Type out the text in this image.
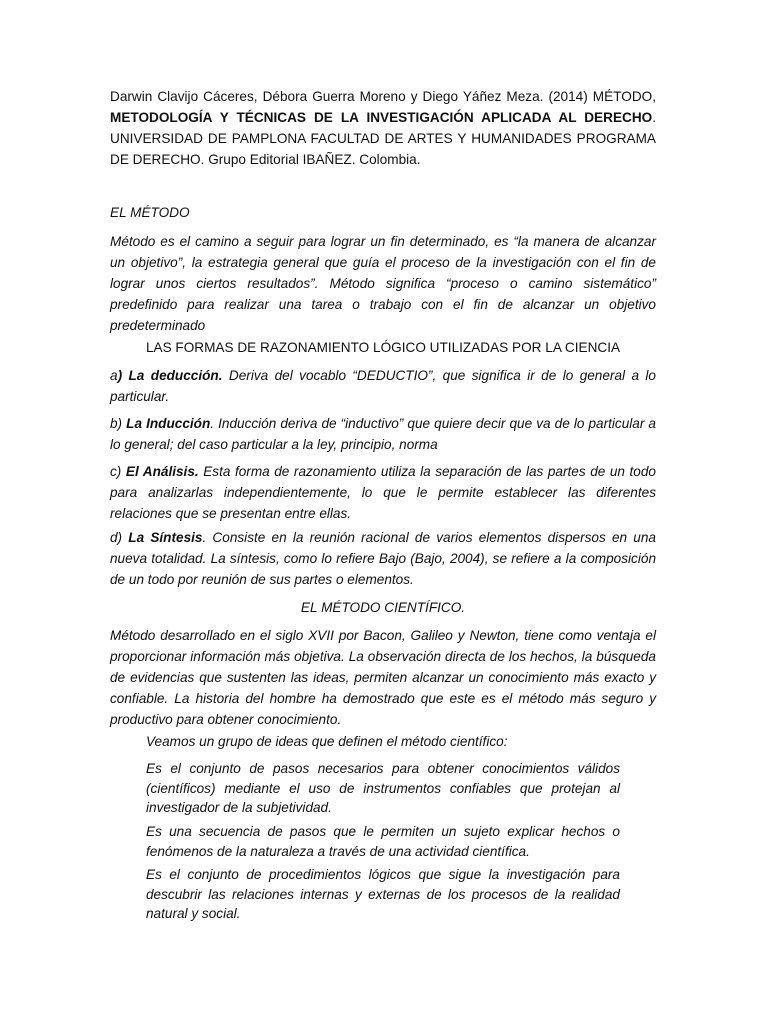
Darwin Clavijo Cáceres, Débora Guerra Moreno y Diego Yáñez Meza. (2014) MÉTODO, METODOLOGÍA Y TÉCNICAS DE LA INVESTIGACIÓN APLICADA AL DERECHO. UNIVERSIDAD DE PAMPLONA FACULTAD DE ARTES Y HUMANIDADES PROGRAMA DE DERECHO. Grupo Editorial IBAÑEZ. Colombia.

EL MÉTODO

Método es el camino a seguir para lograr un fin determinado, es “la manera de alcanzar un objetivo”, la estrategia general que guía el proceso de la investigación con el fin de lograr unos ciertos resultados”. Método significa “proceso o camino sistemático” predefinido para realizar una tarea o trabajo con el fin de alcanzar un objetivo predeterminado

LAS FORMAS DE RAZONAMIENTO LÓGICO UTILIZADAS POR LA CIENCIA

a) La deducción. Deriva del vocablo “DEDUCTIO”, que significa ir de lo general a lo particular.

b) La Inducción. Inducción deriva de “inductivo” que quiere decir que va de lo particular a lo general; del caso particular a la ley, principio, norma

c) El Análisis. Esta forma de razonamiento utiliza la separación de las partes de un todo para analizarlas independientemente, lo que le permite establecer las diferentes relaciones que se presentan entre ellas.

d) La Síntesis. Consiste en la reunión racional de varios elementos dispersos en una nueva totalidad. La síntesis, como lo refiere Bajo (Bajo, 2004), se refiere a la composición de un todo por reunión de sus partes o elementos.

EL MÉTODO CIENTÍFICO.

Método desarrollado en el siglo XVII por Bacon, Galileo y Newton, tiene como ventaja el proporcionar información más objetiva. La observación directa de los hechos, la búsqueda de evidencias que sustenten las ideas, permiten alcanzar un conocimiento más exacto y confiable. La historia del hombre ha demostrado que este es el método más seguro y productivo para obtener conocimiento.

Veamos un grupo de ideas que definen el método científico:

Es el conjunto de pasos necesarios para obtener conocimientos válidos (científicos) mediante el uso de instrumentos confiables que protejan al investigador de la subjetividad.

Es una secuencia de pasos que le permiten un sujeto explicar hechos o fenómenos de la naturaleza a través de una actividad científica.

Es el conjunto de procedimientos lógicos que sigue la investigación para descubrir las relaciones internas y externas de los procesos de la realidad natural y social.
